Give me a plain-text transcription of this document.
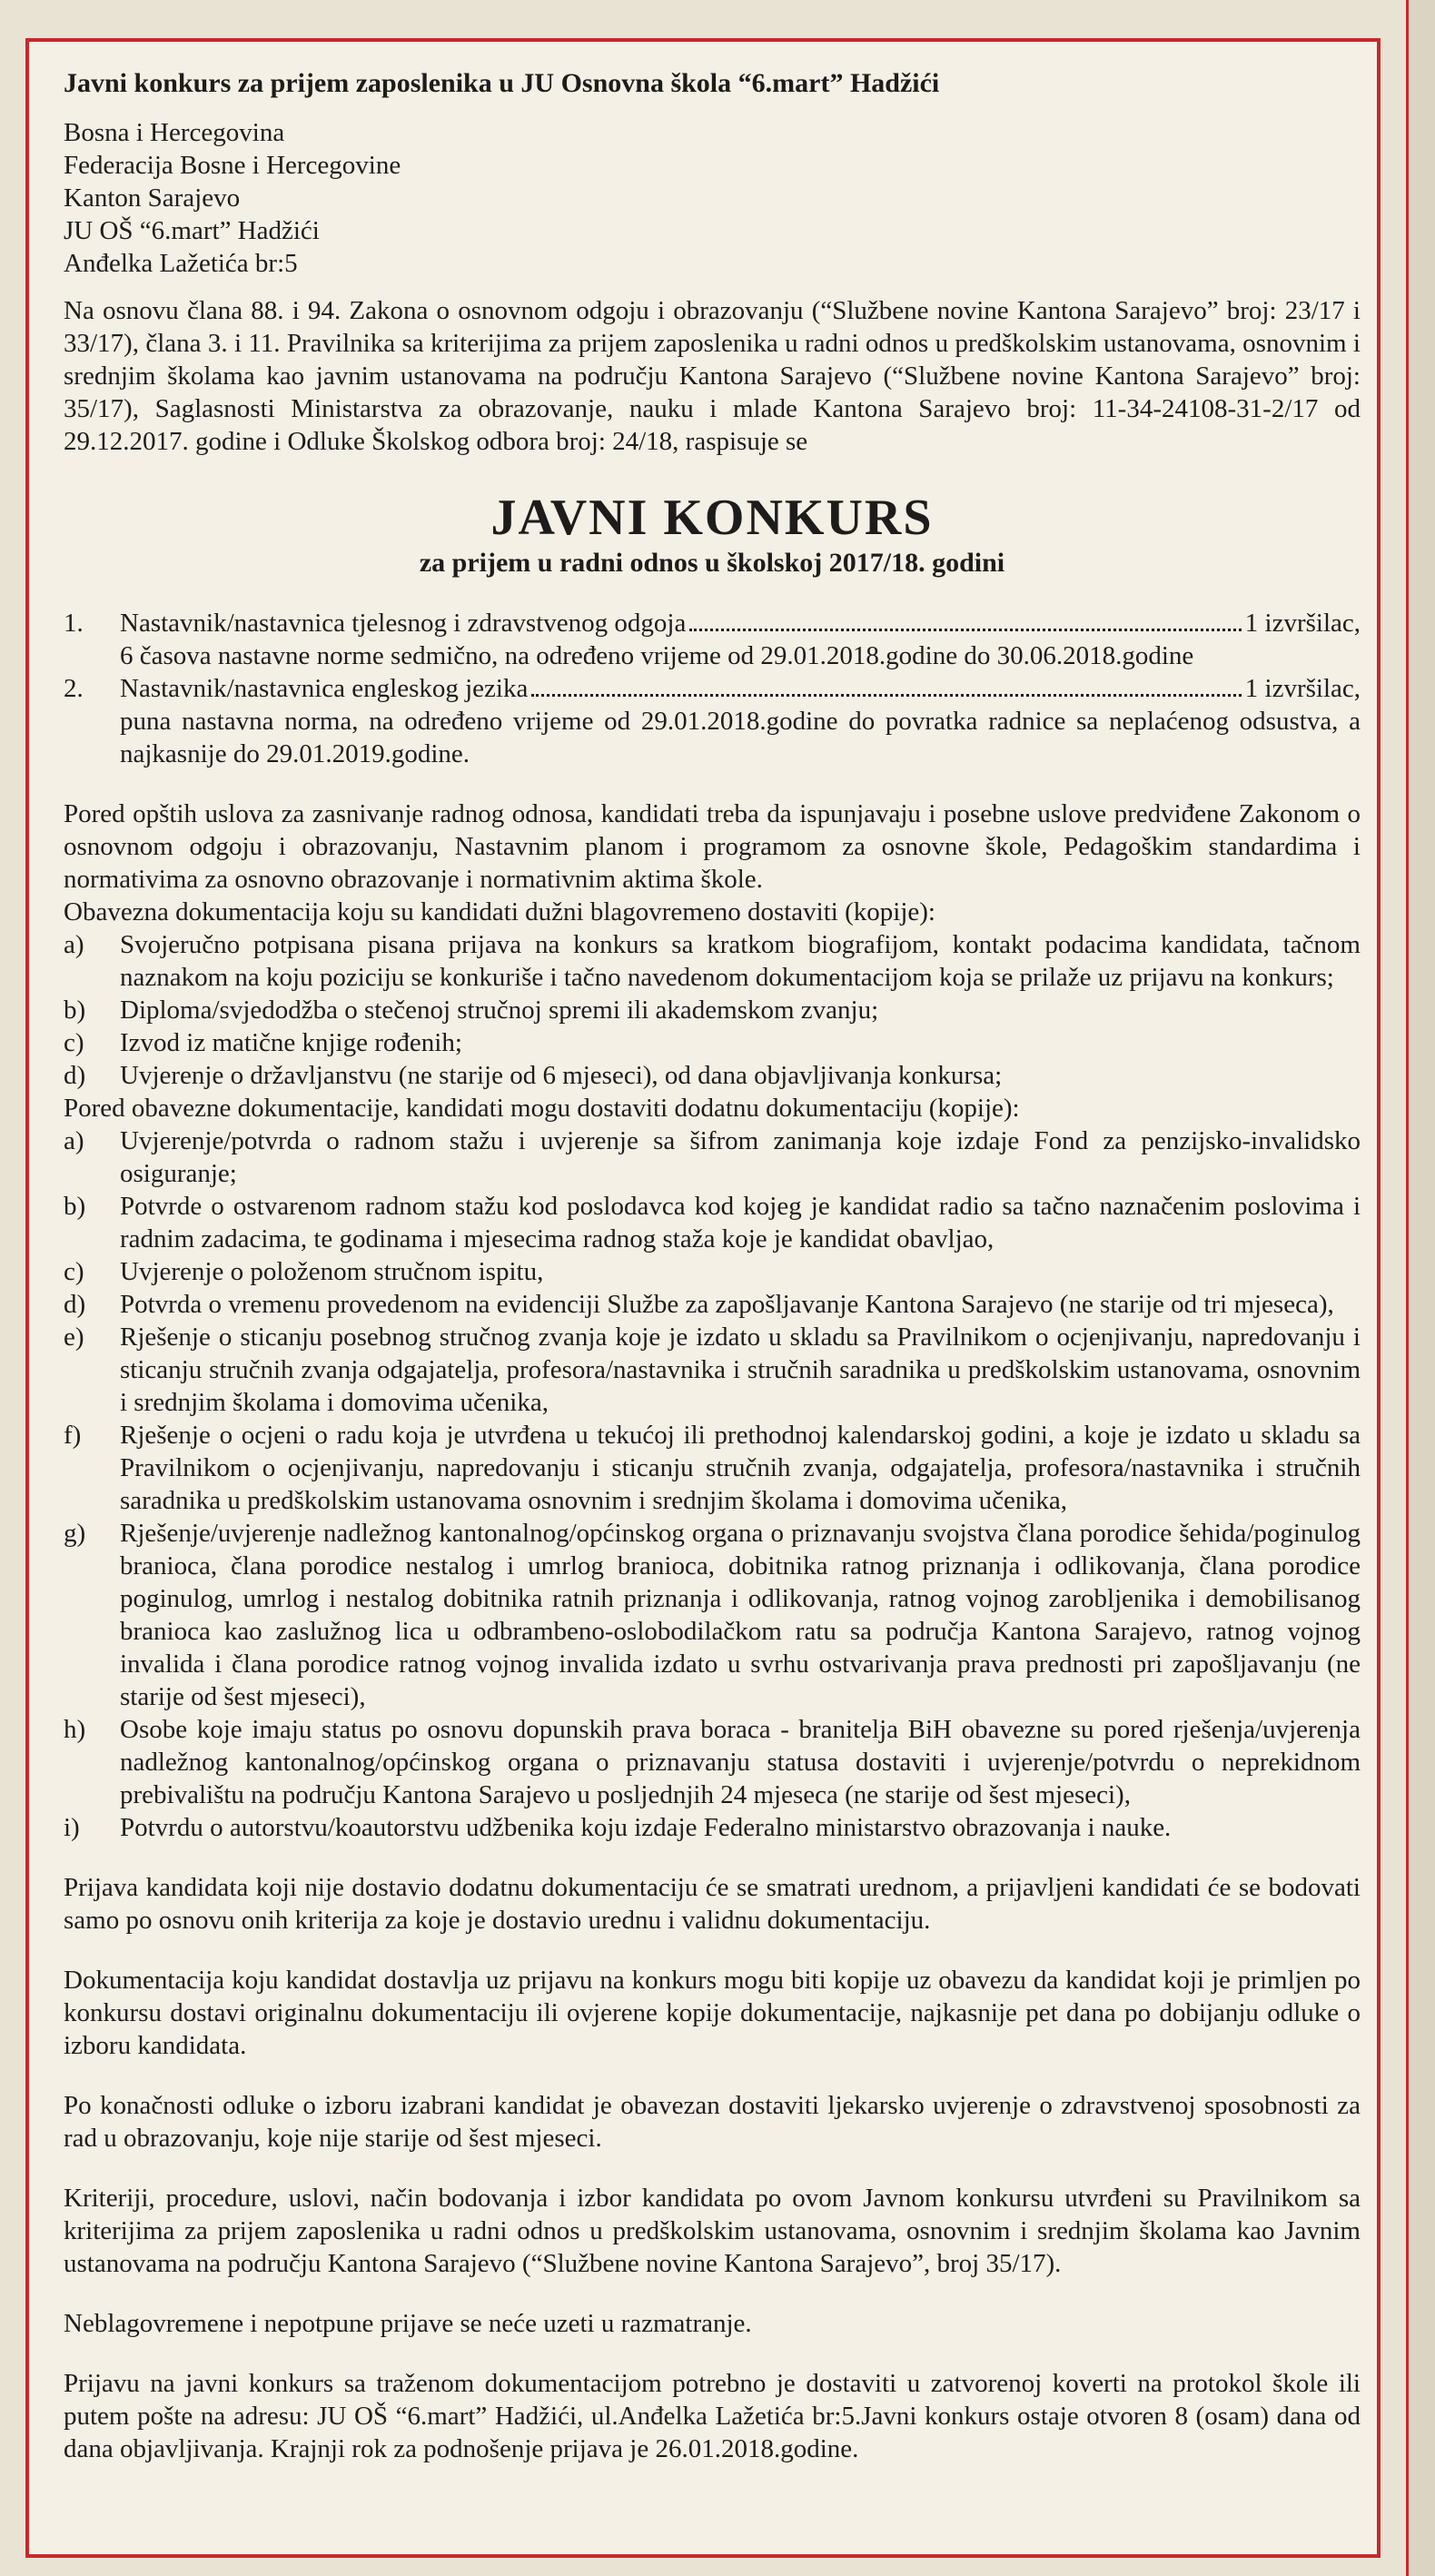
Javni konkurs za prijem zaposlenika u JU Osnovna škola “6.mart” Hadžići
Bosna i Hercegovina
Federacija Bosne i Hercegovine
Kanton Sarajevo
JU OŠ “6.mart” Hadžići
Anđelka Lažetića br:5

Na osnovu člana 88. i 94. Zakona o osnovnom odgoju i obrazovanju (“Službene novine Kantona Sarajevo” broj: 23/17 i 33/17), člana 3. i 11. Pravilnika sa kriterijima za prijem zaposlenika u radni odnos u predškolskim ustanovama, osnovnim i srednjim školama kao javnim ustanovama na području Kantona Sarajevo (“Službene novine Kantona Sarajevo” broj: 35/17), Saglasnosti Ministarstva za obrazovanje, nauku i mlade Kantona Sarajevo broj: 11-34-24108-31-2/17 od 29.12.2017. godine i Odluke Školskog odbora broj: 24/18, raspisuje se

JAVNI KONKURS
za prijem u radni odnos u školskoj 2017/18. godini
1.	Nastavnik/nastavnica tjelesnog i zdravstvenog odgoja	1 izvršilac,
6 časova nastavne norme sedmično, na određeno vrijeme od 29.01.2018.godine do 30.06.2018.godine
2.	Nastavnik/nastavnica engleskog jezika	1 izvršilac,
puna nastavna norma, na određeno vrijeme od 29.01.2018.godine do povratka radnice sa neplaćenog odsustva, a najkasnije do 29.01.2019.godine.

Pored opštih uslova za zasnivanje radnog odnosa, kandidati treba da ispunjavaju i posebne uslove predviđene Zakonom o osnovnom odgoju i obrazovanju, Nastavnim planom i programom za osnovne škole, Pedagoškim standardima i normativima za osnovno obrazovanje i normativnim aktima škole.

Obavezna dokumentacija koju su kandidati dužni blagovremeno dostaviti (kopije):
a)	Svojeručno potpisana pisana prijava na konkurs sa kratkom biografijom, kontakt podacima kandidata, tačnom naznakom na koju poziciju se konkuriše i tačno navedenom dokumentacijom koja se prilaže uz prijavu na konkurs;
b)	Diploma/svjedodžba o stečenoj stručnoj spremi ili akademskom zvanju;
c)	Izvod iz matične knjige rođenih;
d)	Uvjerenje o državljanstvu (ne starije od 6 mjeseci), od dana objavljivanja konkursa;
Pored obavezne dokumentacije, kandidati mogu dostaviti dodatnu dokumentaciju (kopije):
a)	Uvjerenje/potvrda o radnom stažu i uvjerenje sa šifrom zanimanja koje izdaje Fond za penzijsko-invalidsko osiguranje;
b)	Potvrde o ostvarenom radnom stažu kod poslodavca kod kojeg je kandidat radio sa tačno naznačenim poslovima i radnim zadacima, te godinama i mjesecima radnog staža koje je kandidat obavljao,
c)	Uvjerenje o položenom stručnom ispitu,
d)	Potvrda o vremenu provedenom na evidenciji Službe za zapošljavanje Kantona Sarajevo (ne starije od tri mjeseca),
e)	Rješenje o sticanju posebnog stručnog zvanja koje je izdato u skladu sa Pravilnikom o ocjenjivanju, napredovanju i sticanju stručnih zvanja odgajatelja, profesora/nastavnika i stručnih saradnika u predškolskim ustanovama, osnovnim i srednjim školama i domovima učenika,
f)	Rješenje o ocjeni o radu koja je utvrđena u tekućoj ili prethodnoj kalendarskoj godini, a koje je izdato u skladu sa Pravilnikom o ocjenjivanju, napredovanju i sticanju stručnih zvanja, odgajatelja, profesora/nastavnika i stručnih saradnika u predškolskim ustanovama osnovnim i srednjim školama i domovima učenika,
g)	Rješenje/uvjerenje nadležnog kantonalnog/općinskog organa o priznavanju svojstva člana porodice šehida/poginulog branioca, člana porodice nestalog i umrlog branioca, dobitnika ratnog priznanja i odlikovanja, člana porodice poginulog, umrlog i nestalog dobitnika ratnih priznanja i odlikovanja, ratnog vojnog zarobljenika i demobilisanog branioca kao zaslužnog lica u odbrambeno-oslobodilačkom ratu sa područja Kantona Sarajevo, ratnog vojnog invalida i člana porodice ratnog vojnog invalida izdato u svrhu ostvarivanja prava prednosti pri zapošljavanju (ne starije od šest mjeseci),
h)	Osobe koje imaju status po osnovu dopunskih prava boraca - branitelja BiH obavezne su pored rješenja/uvjerenja nadležnog kantonalnog/općinskog organa o priznavanju statusa dostaviti i uvjerenje/potvrdu o neprekidnom prebivalištu na području Kantona Sarajevo u posljednjih 24 mjeseca (ne starije od šest mjeseci),
i)	Potvrdu o autorstvu/koautorstvu udžbenika koju izdaje Federalno ministarstvo obrazovanja i nauke.

Prijava kandidata koji nije dostavio dodatnu dokumentaciju će se smatrati urednom, a prijavljeni kandidati će se bodovati samo po osnovu onih kriterija za koje je dostavio urednu i validnu dokumentaciju.

Dokumentacija koju kandidat dostavlja uz prijavu na konkurs mogu biti kopije uz obavezu da kandidat koji je primljen po konkursu dostavi originalnu dokumentaciju ili ovjerene kopije dokumentacije, najkasnije pet dana po dobijanju odluke o izboru kandidata.

Po konačnosti odluke o izboru izabrani kandidat je obavezan dostaviti ljekarsko uvjerenje o zdravstvenoj sposobnosti za rad u obrazovanju, koje nije starije od šest mjeseci.

Kriteriji, procedure, uslovi, način bodovanja i izbor kandidata po ovom Javnom konkursu utvrđeni su Pravilnikom sa kriterijima za prijem zaposlenika u radni odnos u predškolskim ustanovama, osnovnim i srednjim školama kao Javnim ustanovama na području Kantona Sarajevo (“Službene novine Kantona Sarajevo”, broj 35/17).

Neblagovremene i nepotpune prijave se neće uzeti u razmatranje.

Prijavu na javni konkurs sa traženom dokumentacijom potrebno je dostaviti u zatvorenoj koverti na protokol škole ili putem pošte na adresu: JU OŠ “6.mart” Hadžići, ul.Anđelka Lažetića br:5.Javni konkurs ostaje otvoren 8 (osam) dana od dana objavljivanja. Krajnji rok za podnošenje prijava je 26.01.2018.godine.
